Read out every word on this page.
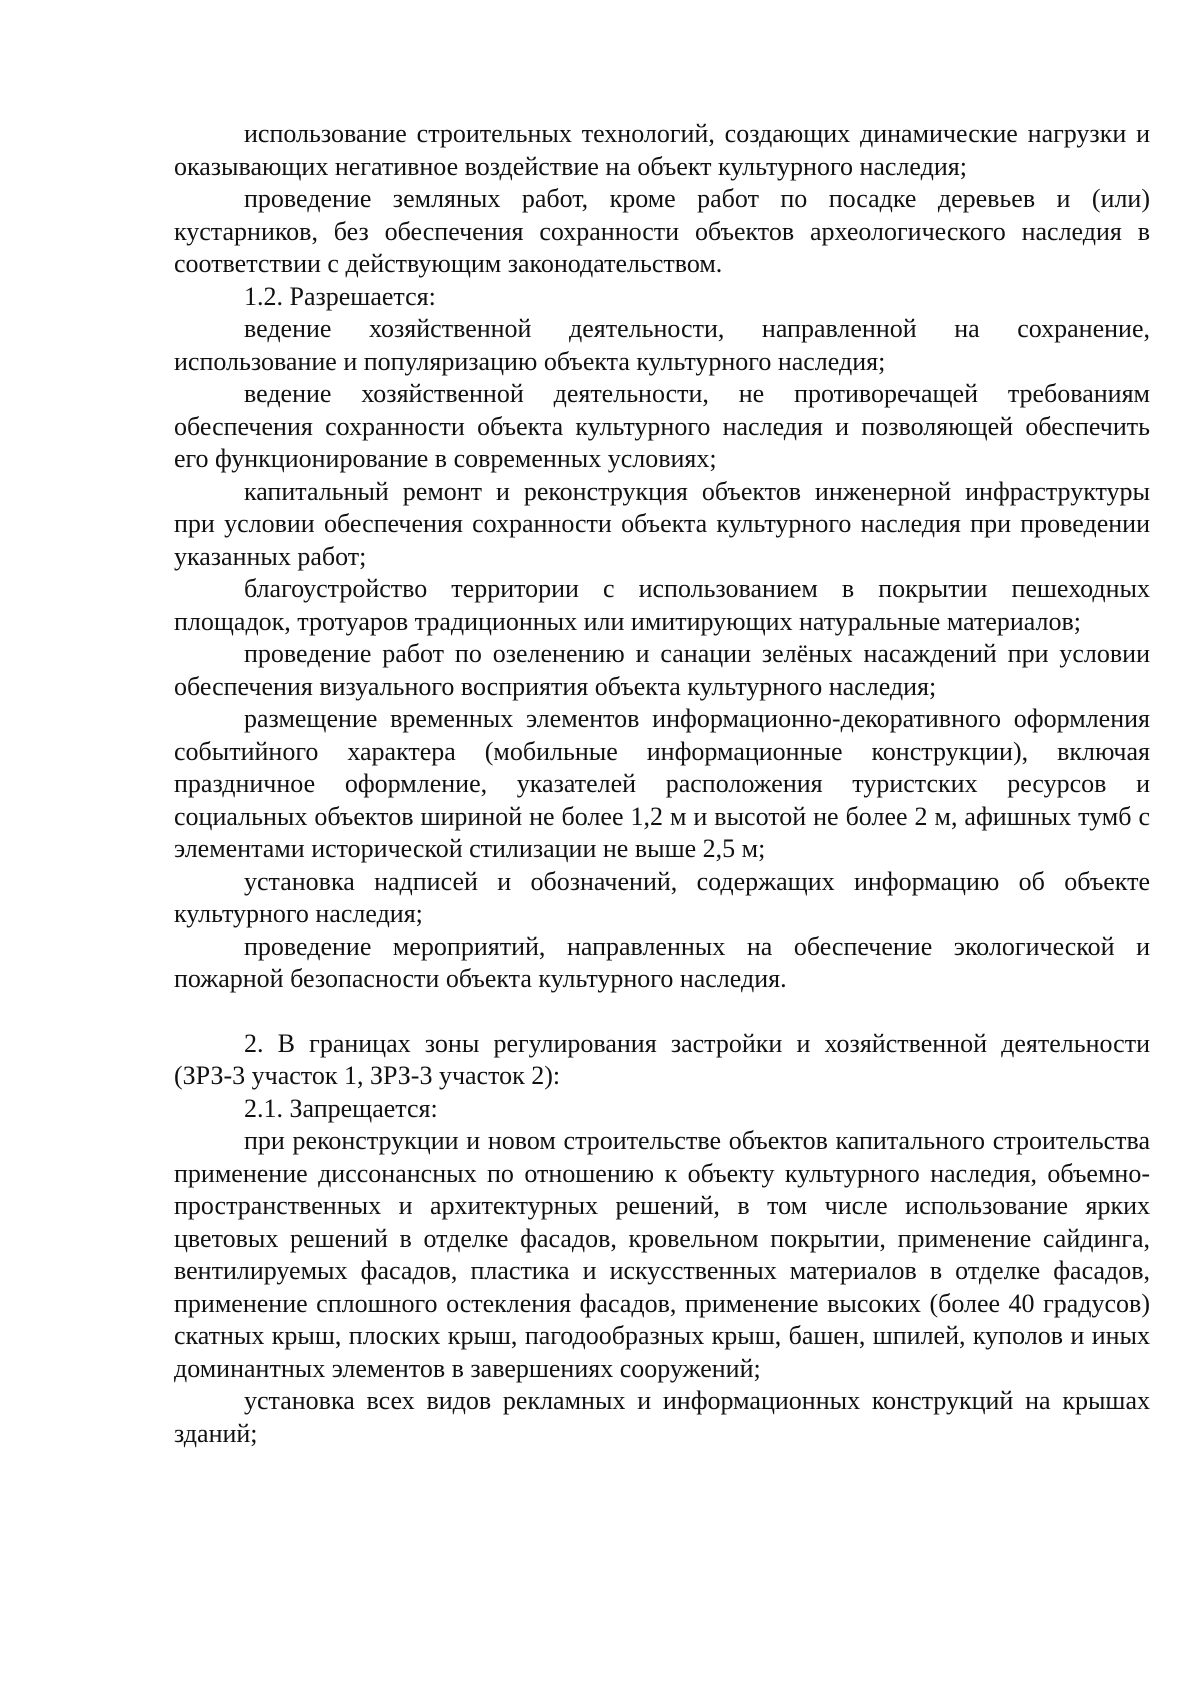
использование строительных технологий, создающих динамические нагрузки и оказывающих негативное воздействие на объект культурного наследия;

проведение земляных работ, кроме работ по посадке деревьев и (или) кустарников, без обеспечения сохранности объектов археологического наследия в соответствии с действующим законодательством.

1.2. Разрешается:

ведение хозяйственной деятельности, направленной на сохранение, использование и популяризацию объекта культурного наследия;

ведение хозяйственной деятельности, не противоречащей требованиям обеспечения сохранности объекта культурного наследия и позволяющей обеспечить его функционирование в современных условиях;

капитальный ремонт и реконструкция объектов инженерной инфраструктуры при условии обеспечения сохранности объекта культурного наследия при проведении указанных работ;

благоустройство территории с использованием в покрытии пешеходных площадок, тротуаров традиционных или имитирующих натуральные материалов;

проведение работ по озеленению и санации зелёных насаждений при условии обеспечения визуального восприятия объекта культурного наследия;

размещение временных элементов информационно-декоративного оформления событийного характера (мобильные информационные конструкции), включая праздничное оформление, указателей расположения туристских ресурсов и социальных объектов шириной не более 1,2 м и высотой не более 2 м, афишных тумб с элементами исторической стилизации не выше 2,5 м;

установка надписей и обозначений, содержащих информацию об объекте культурного наследия;

проведение мероприятий, направленных на обеспечение экологической и пожарной безопасности объекта культурного наследия.

2. В границах зоны регулирования застройки и хозяйственной деятельности (ЗРЗ-3 участок 1, ЗРЗ-3 участок 2):

2.1. Запрещается:

при реконструкции и новом строительстве объектов капитального строительства применение диссонансных по отношению к объекту культурного наследия, объемно-пространственных и архитектурных решений, в том числе использование ярких цветовых решений в отделке фасадов, кровельном покрытии, применение сайдинга, вентилируемых фасадов, пластика и искусственных материалов в отделке фасадов, применение сплошного остекления фасадов, применение высоких (более 40 градусов) скатных крыш, плоских крыш, пагодообразных крыш, башен, шпилей, куполов и иных доминантных элементов в завершениях сооружений;

установка всех видов рекламных и информационных конструкций на крышах зданий;
